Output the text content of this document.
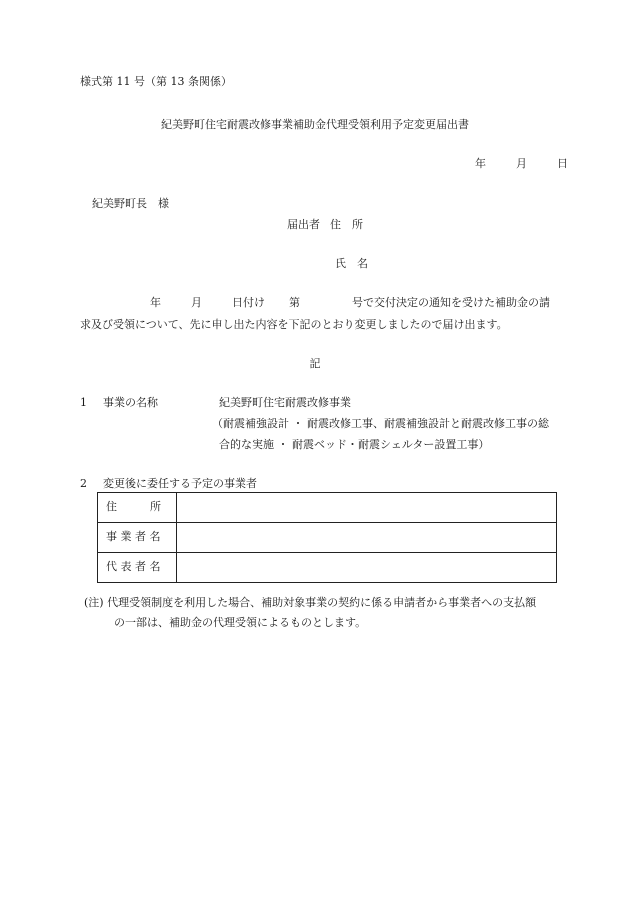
様式第 11 号（第 13 条関係）
紀美野町住宅耐震改修事業補助金代理受領利用予定変更届出書
年	月	日
紀美野町長　様
届出者 住　所
氏　名
年	月	日付け 第	号で交付決定の通知を受けた補助金の請
求及び受領について、先に申し出た内容を下記のとおり変更しましたので届け出ます。
記
1 事業の名称	紀美野町住宅耐震改修事業
（耐震補強設計 ・ 耐震改修工事、耐震補強設計と耐震改修工事の総
合的な実施 ・ 耐震ベッド・耐震シェルター設置工事）
2 変更後に委任する予定の事業者
住　　　所	
事 業 者 名	
代 表 者 名	
(注) 代理受領制度を利用した場合、補助対象事業の契約に係る申請者から事業者への支払額
の一部は、補助金の代理受領によるものとします。
